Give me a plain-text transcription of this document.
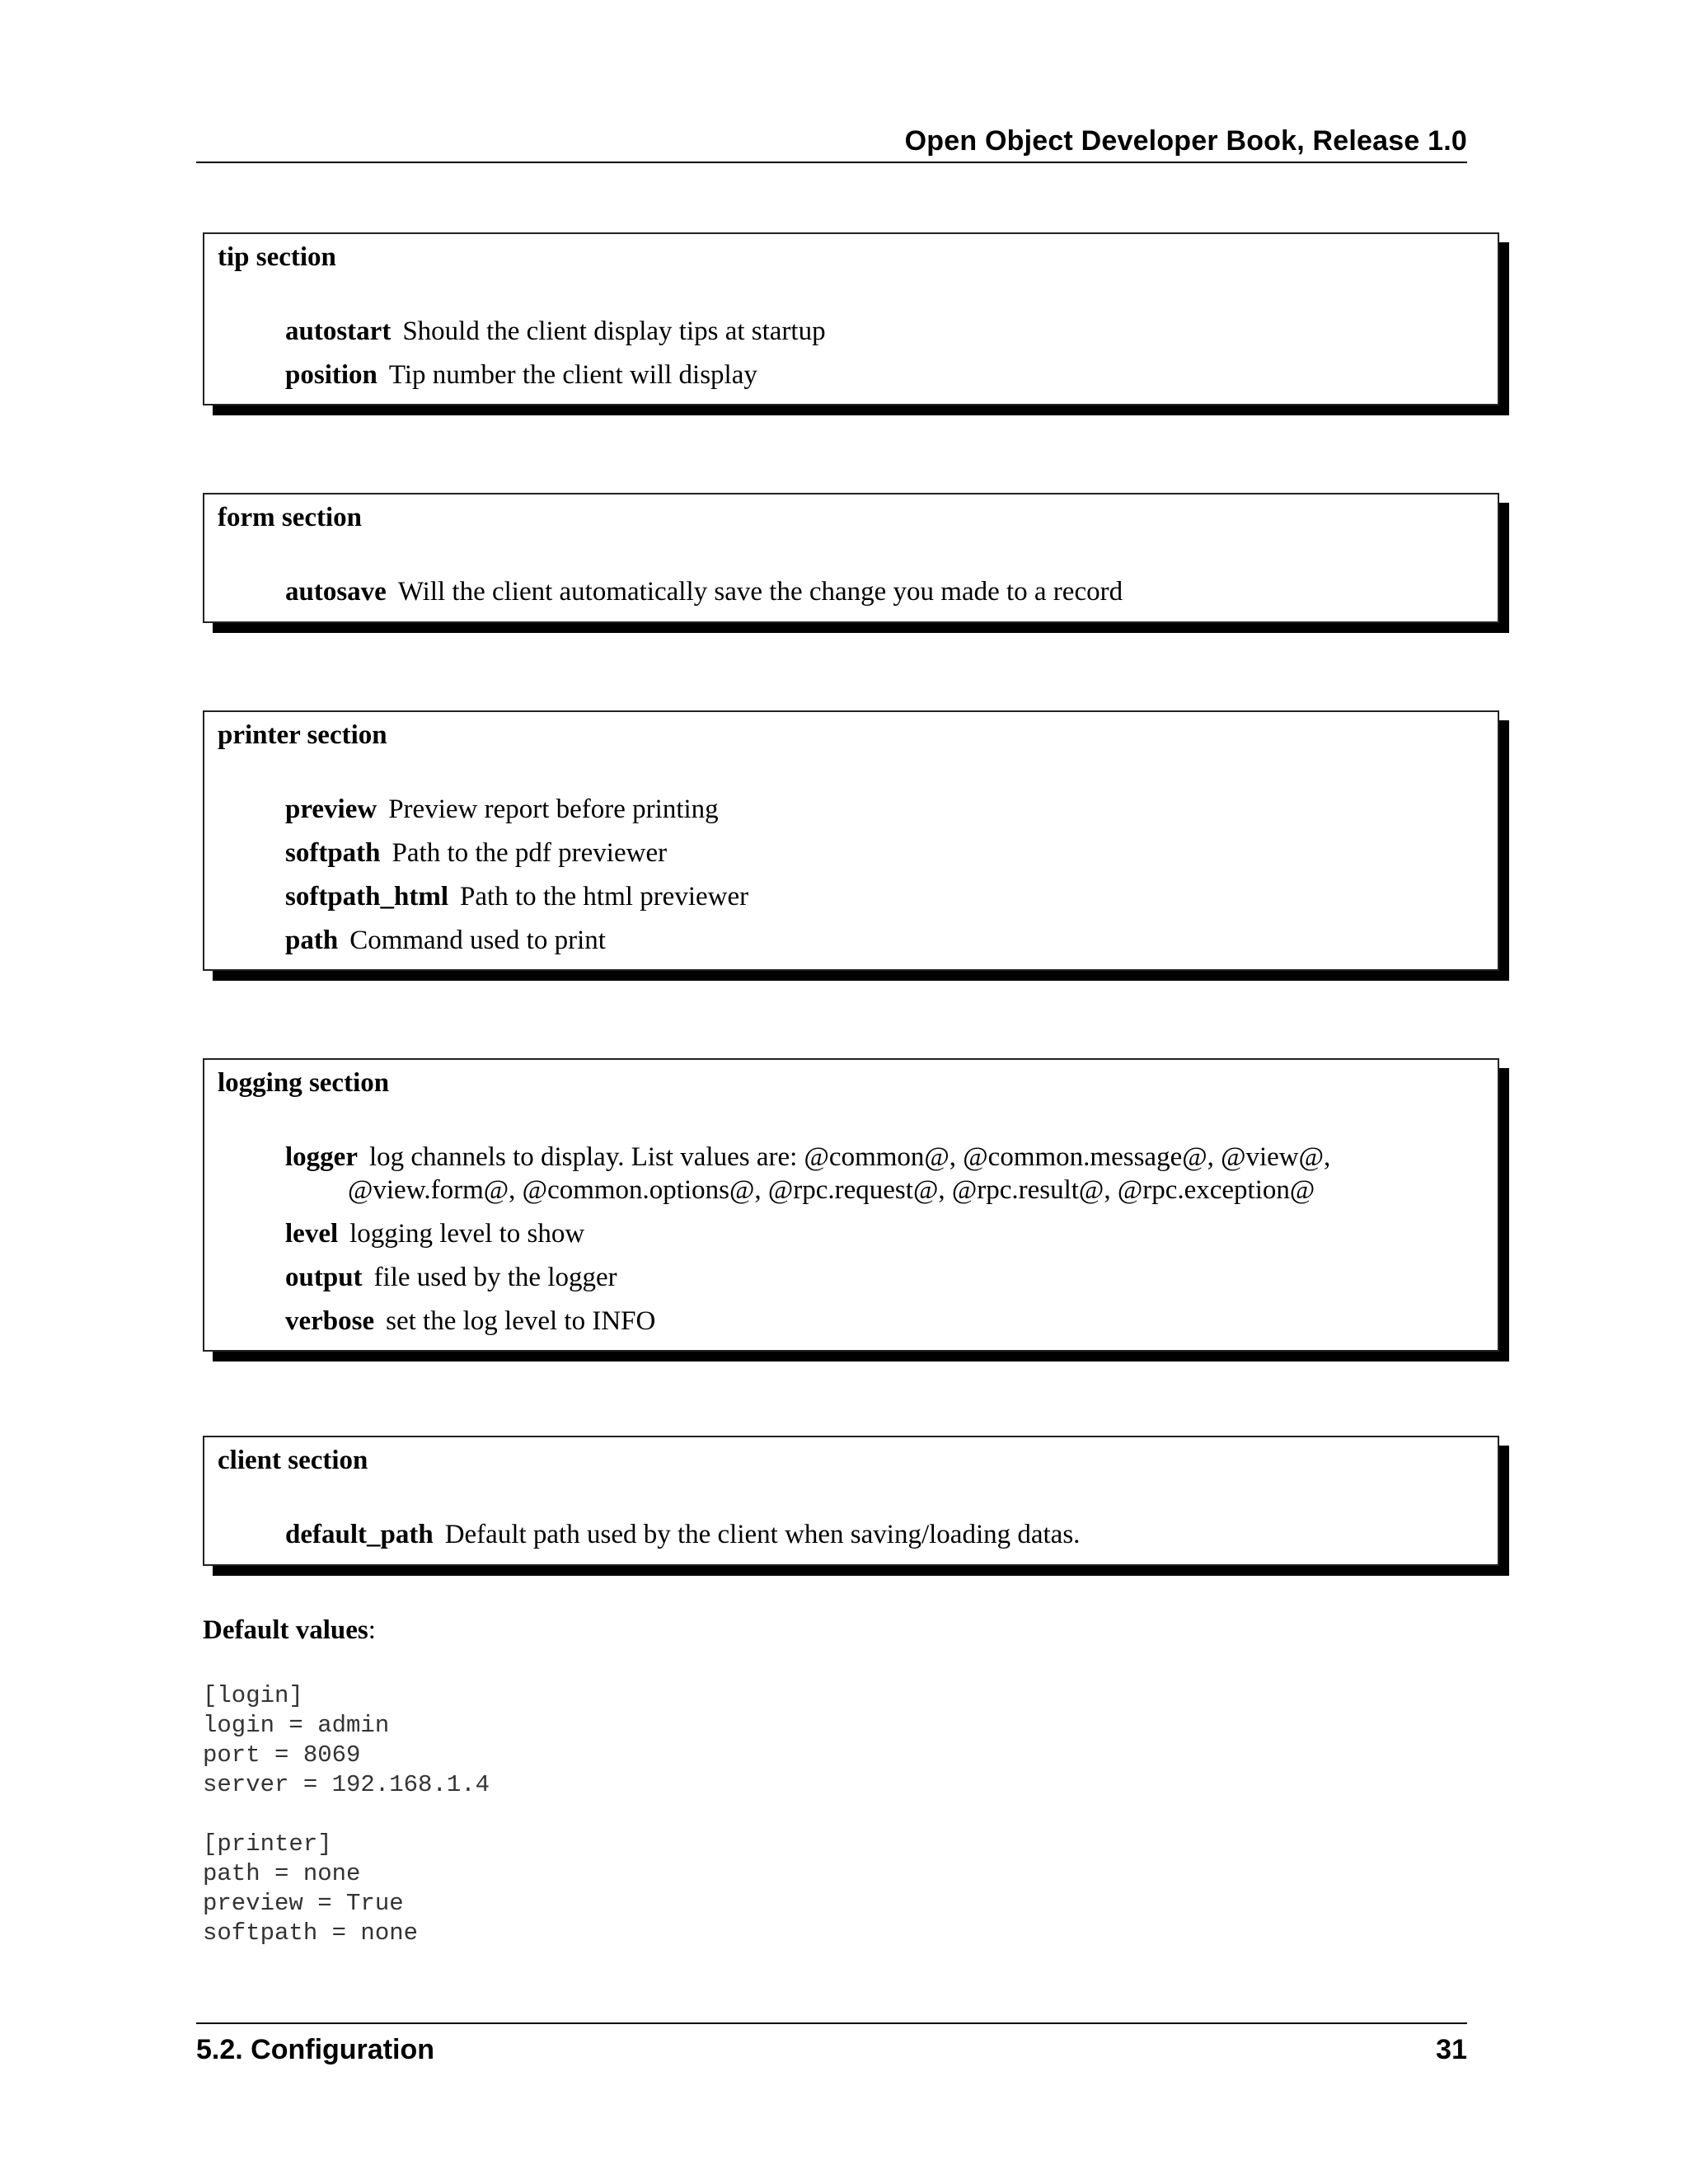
Open Object Developer Book, Release 1.0
tip section
autostart Should the client display tips at startup
position Tip number the client will display
form section
autosave Will the client automatically save the change you made to a record
printer section
preview Preview report before printing
softpath Path to the pdf previewer
softpath_html Path to the html previewer
path Command used to print
logging section
logger log channels to display. List values are: @common@, @common.message@, @view@,
@view.form@, @common.options@, @rpc.request@, @rpc.result@, @rpc.exception@
level logging level to show
output file used by the logger
verbose set the log level to INFO
client section
default_path Default path used by the client when saving/loading datas.
Default values:
[login]
login = admin
port = 8069
server = 192.168.1.4

[printer]
path = none
preview = True
softpath = none
5.2. Configuration	31
